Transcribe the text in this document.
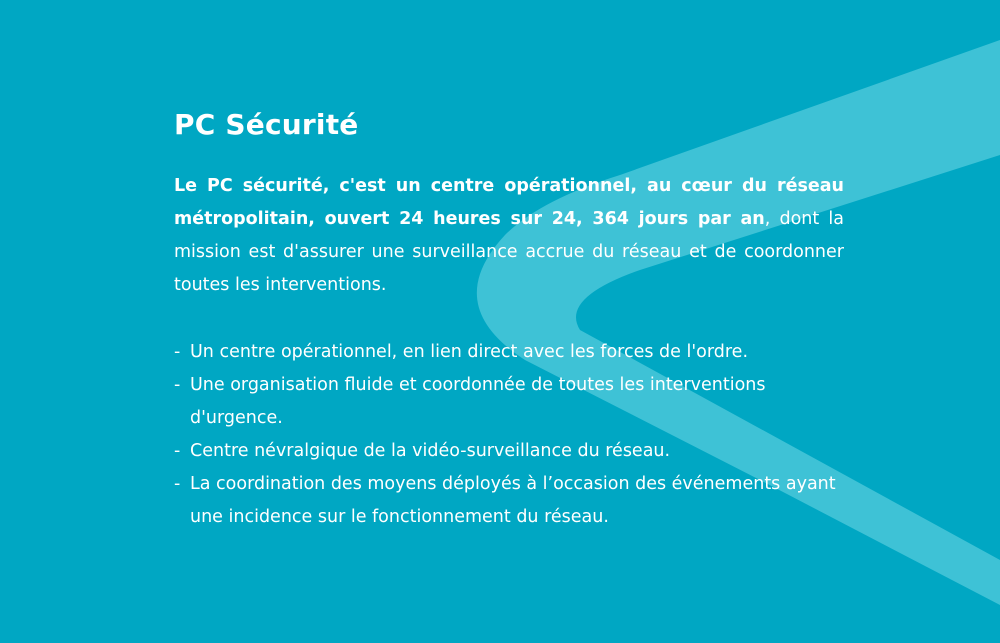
PC Sécurité

Le PC sécurité, c'est un centre opérationnel, au cœur du réseau métropolitain, ouvert 24 heures sur 24, 364 jours par an, dont la mission est d'assurer une surveillance accrue du réseau et de coordonner toutes les interventions.

- Un centre opérationnel, en lien direct avec les forces de l'ordre.
- Une organisation fluide et coordonnée de toutes les interventions d'urgence.
- Centre névralgique de la vidéo-surveillance du réseau.
- La coordination des moyens déployés à l’occasion des événements ayant une incidence sur le fonctionnement du réseau.
